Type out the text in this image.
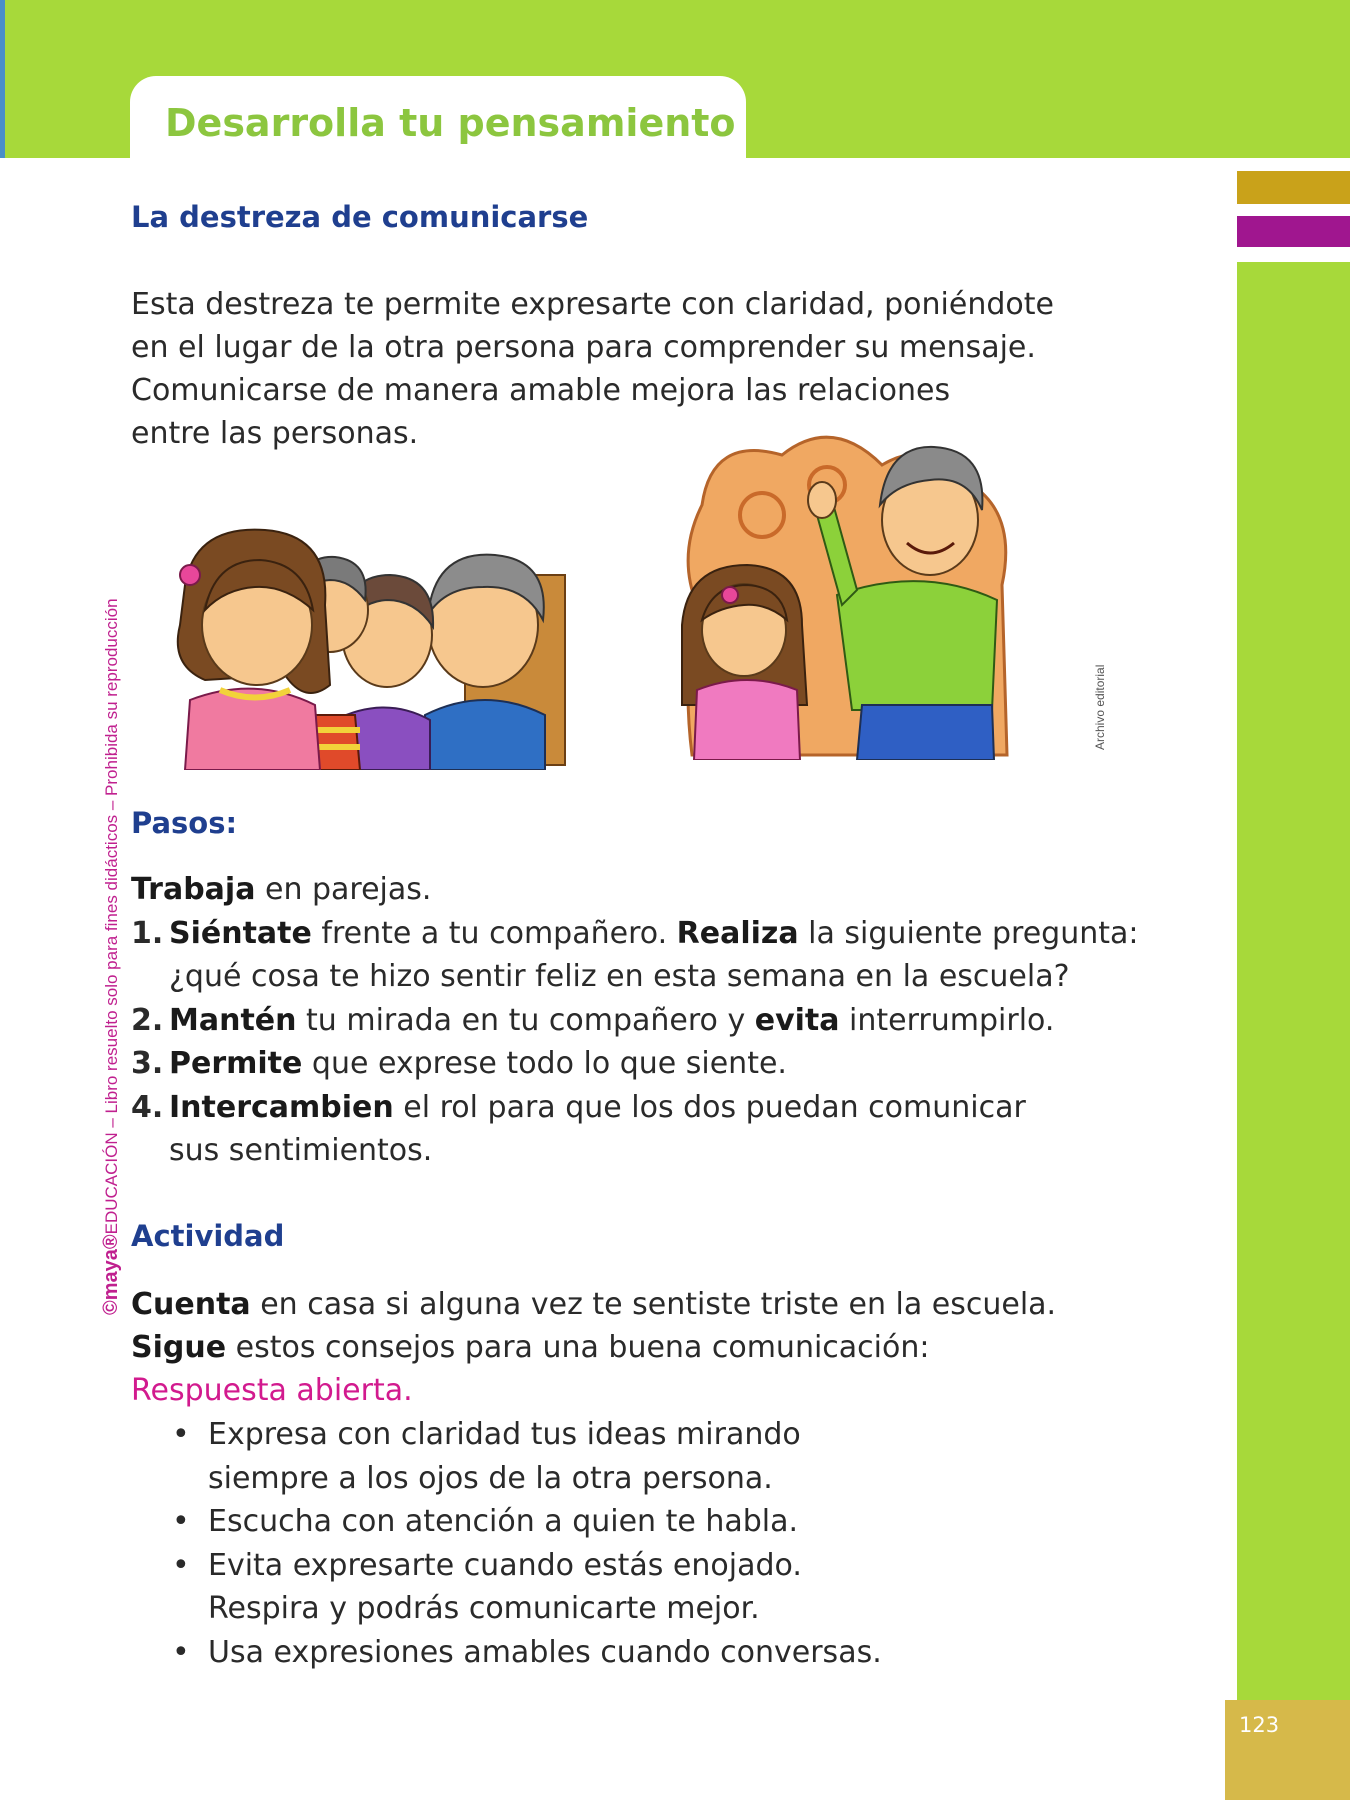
Desarrolla tu pensamiento
123
©maya®EDUCACIÓN – Libro resuelto solo para fines didácticos – Prohibida su reproducción
La destreza de comunicarse
Esta destreza te permite expresarte con claridad, poniéndote
en el lugar de la otra persona para comprender su mensaje.
Comunicarse de manera amable mejora las relaciones
entre las personas.
Archivo editorial
Pasos:
Trabaja en parejas.
1. Siéntate frente a tu compañero. Realiza la siguiente pregunta:
¿qué cosa te hizo sentir feliz en esta semana en la escuela?
2. Mantén tu mirada en tu compañero y evita interrumpirlo.
3. Permite que exprese todo lo que siente.
4. Intercambien el rol para que los dos puedan comunicar
sus sentimientos.
Actividad
Cuenta en casa si alguna vez te sentiste triste en la escuela.
Sigue estos consejos para una buena comunicación:
Respuesta abierta.
• Expresa con claridad tus ideas mirando
siempre a los ojos de la otra persona.
• Escucha con atención a quien te habla.
• Evita expresarte cuando estás enojado.
Respira y podrás comunicarte mejor.
• Usa expresiones amables cuando conversas.
